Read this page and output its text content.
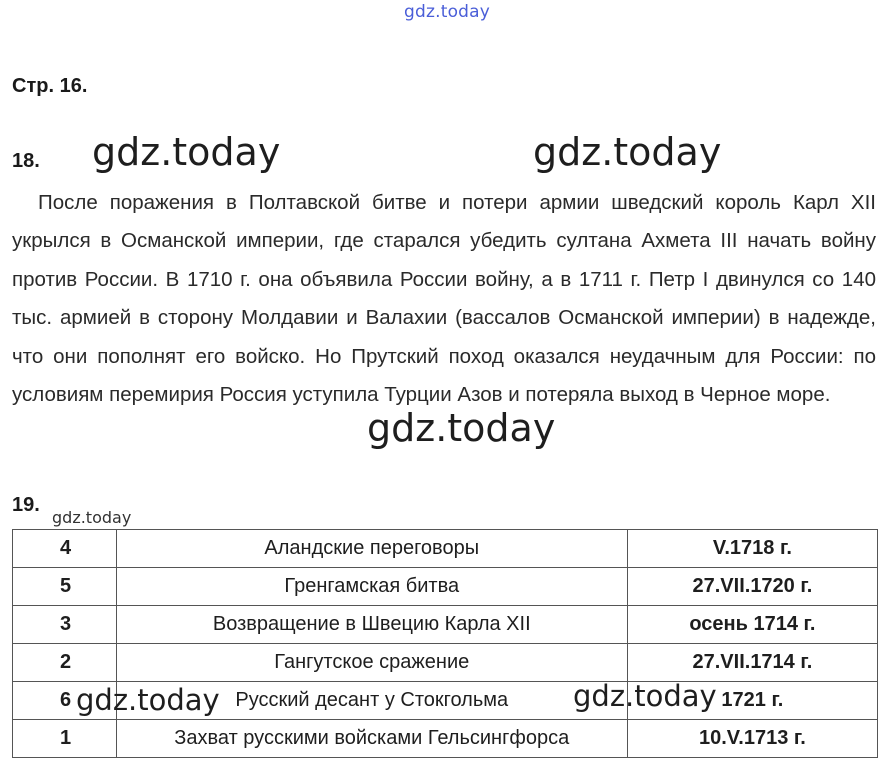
gdz.today
Стр. 16.
18. gdz.today	gdz.today

После поражения в Полтавской битве и потери армии шведский король Карл XII укрылся в Османской империи, где старался убедить султана Ахмета III начать войну против России. В 1710 г. она объявила России войну, а в 1711 г. Петр I двинулся со 140 тыс. армией в сторону Молдавии и Валахии (вассалов Османской империи) в надежде, что они пополнят его войско. Но Прутский поход оказался неудачным для России: по условиям перемирия Россия уступила Турции Азов и потеряла выход в Черное море.

gdz.today
19.
gdz.today
4	Аландские переговоры	V.1718 г.
5	Гренгамская битва	27.VII.1720 г.
3	Возвращение в Швецию Карла XII	осень 1714 г.
2	Гангутское сражение	27.VII.1714 г.
6	Русский десант у Стокгольма	1721 г.
1	Захват русскими войсками Гельсингфорса	10.V.1713 г.
gdz.today	gdz.today
